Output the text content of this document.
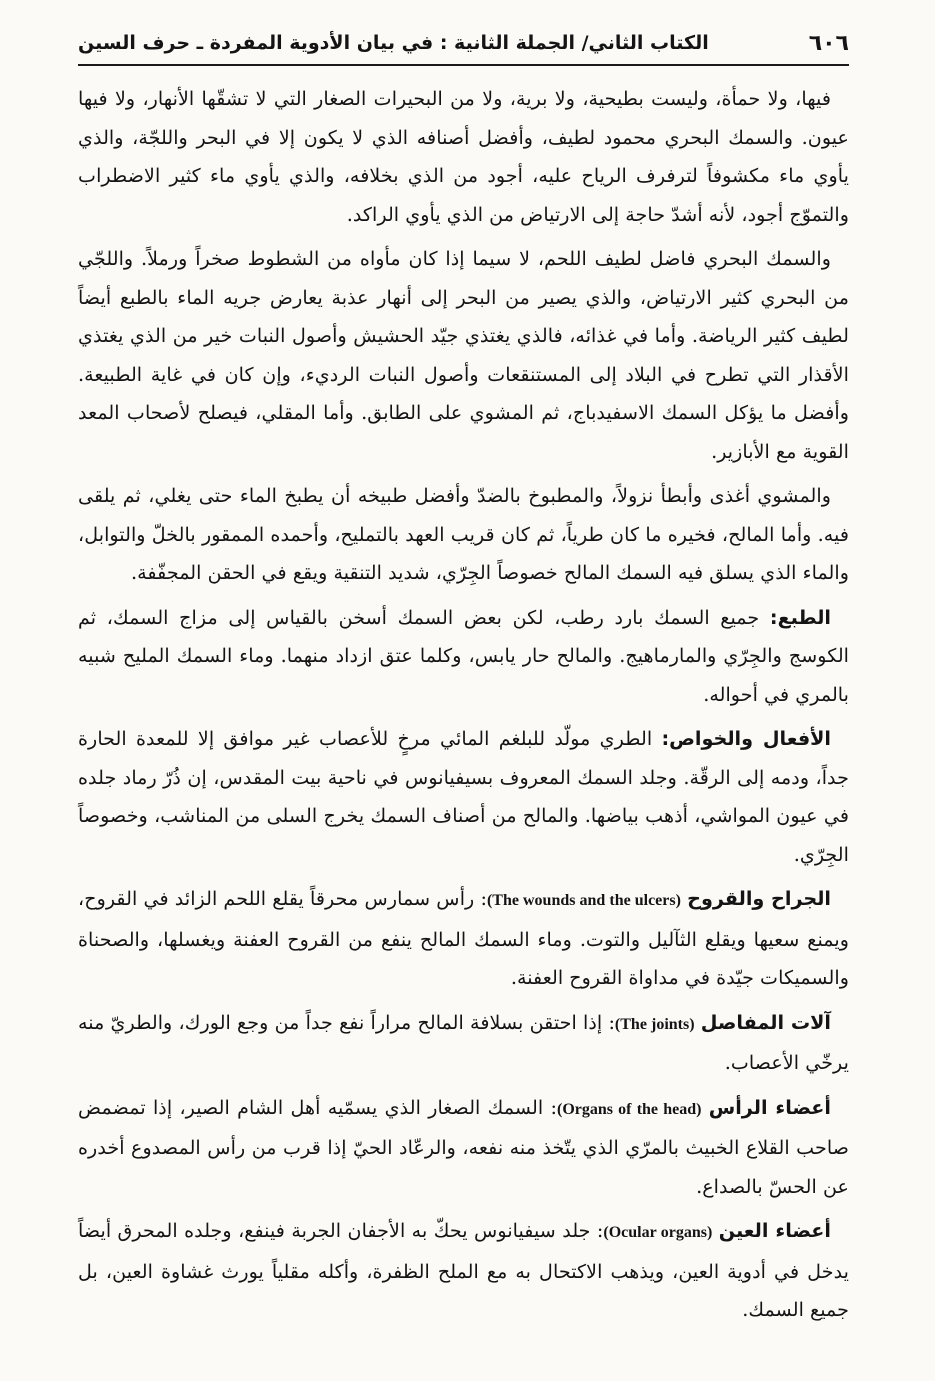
٦٠٦
الكتاب الثاني/ الجملة الثانية : في بيان الأدوية المفردة ـ حرف السين

فيها، ولا حمأة، وليست بطيحية، ولا برية، ولا من البحيرات الصغار التي لا تشقّها الأنهار، ولا فيها عيون. والسمك البحري محمود لطيف، وأفضل أصنافه الذي لا يكون إلا في البحر واللجّة، والذي يأوي ماء مكشوفاً لترفرف الرياح عليه، أجود من الذي بخلافه، والذي يأوي ماء كثير الاضطراب والتموّج أجود، لأنه أشدّ حاجة إلى الارتياض من الذي يأوي الراكد.

والسمك البحري فاضل لطيف اللحم، لا سيما إذا كان مأواه من الشطوط صخراً ورملاً. واللجّي من البحري كثير الارتياض، والذي يصير من البحر إلى أنهار عذبة يعارض جريه الماء بالطبع أيضاً لطيف كثير الرياضة. وأما في غذائه، فالذي يغتذي جيّد الحشيش وأصول النبات خير من الذي يغتذي الأقذار التي تطرح في البلاد إلى المستنقعات وأصول النبات الرديء، وإن كان في غاية الطبيعة. وأفضل ما يؤكل السمك الاسفيدباج، ثم المشوي على الطابق. وأما المقلي، فيصلح لأصحاب المعد القوية مع الأبازير.

والمشوي أغذى وأبطأ نزولاً، والمطبوخ بالضدّ وأفضل طبيخه أن يطبخ الماء حتى يغلي، ثم يلقى فيه. وأما المالح، فخيره ما كان طرياً، ثم كان قريب العهد بالتمليح، وأحمده الممقور بالخلّ والتوابل، والماء الذي يسلق فيه السمك المالح خصوصاً الجِرّي، شديد التنقية ويقع في الحقن المجفّفة.

الطبع: جميع السمك بارد رطب، لكن بعض السمك أسخن بالقياس إلى مزاج السمك، ثم الكوسج والجِرّي والمارماهيج. والمالح حار يابس، وكلما عتق ازداد منهما. وماء السمك المليح شبيه بالمري في أحواله.

الأفعال والخواص: الطري مولّد للبلغم المائي مرخٍ للأعصاب غير موافق إلا للمعدة الحارة جداً، ودمه إلى الرقّة. وجلد السمك المعروف بسيفيانوس في ناحية بيت المقدس، إن ذُرّ رماد جلده في عيون المواشي، أذهب بياضها. والمالح من أصناف السمك يخرج السلى من المناشب، وخصوصاً الجِرّي.

الجراح والقروح (The wounds and the ulcers): رأس سمارس محرقاً يقلع اللحم الزائد في القروح، ويمنع سعيها ويقلع الثآليل والتوت. وماء السمك المالح ينفع من القروح العفنة ويغسلها، والصحناة والسميكات جيّدة في مداواة القروح العفنة.

آلات المفاصل (The joints): إذا احتقن بسلافة المالح مراراً نفع جداً من وجع الورك، والطريّ منه يرخّي الأعصاب.

أعضاء الرأس (Organs of the head): السمك الصغار الذي يسمّيه أهل الشام الصير، إذا تمضمض صاحب القلاع الخبيث بالمرّي الذي يتّخذ منه نفعه، والرعّاد الحيّ إذا قرب من رأس المصدوع أخدره عن الحسّ بالصداع.

أعضاء العين (Ocular organs): جلد سيفيانوس يحكّ به الأجفان الجربة فينفع، وجلده المحرق أيضاً يدخل في أدوية العين، ويذهب الاكتحال به مع الملح الظفرة، وأكله مقلياً يورث غشاوة العين، بل جميع السمك.
